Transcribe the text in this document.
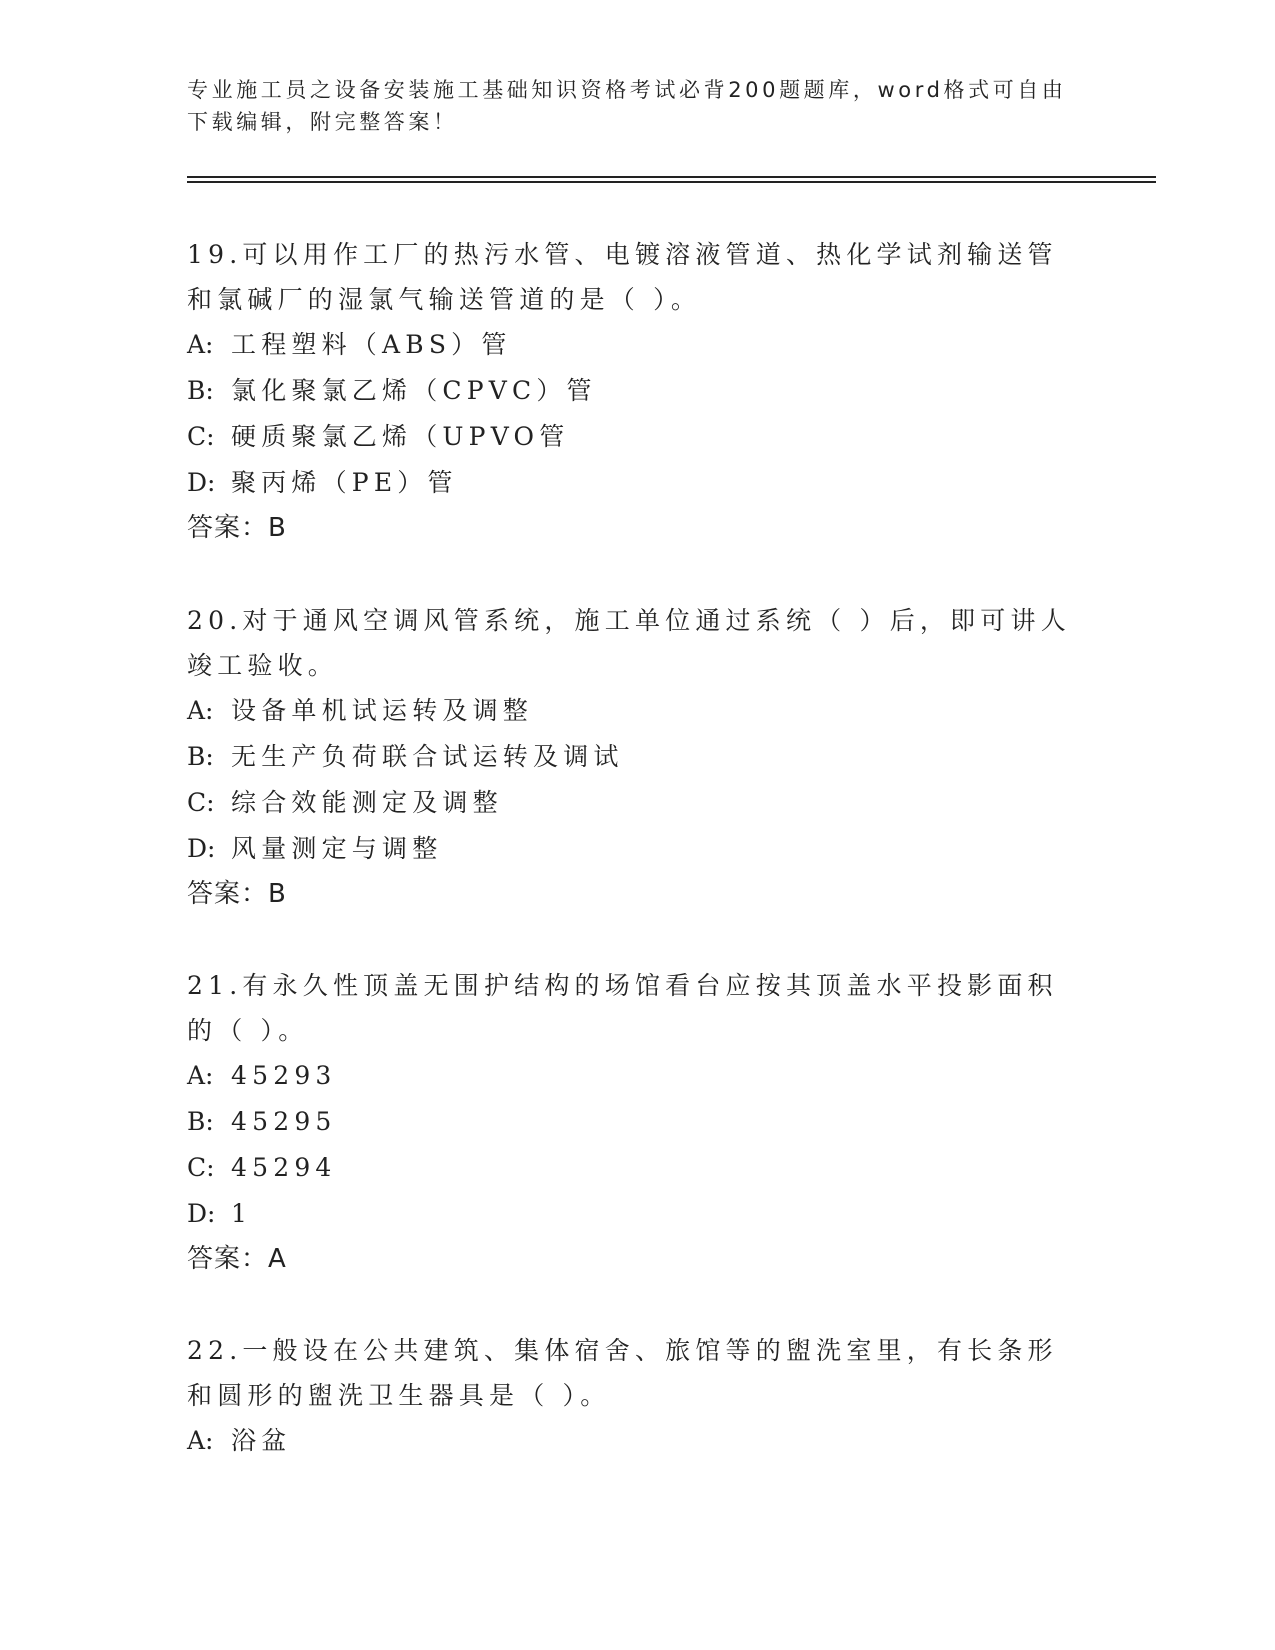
专业施工员之设备安装施工基础知识资格考试必背200题题库，word格式可自由下载编辑，附完整答案！
19.可以用作工厂的热污水管、电镀溶液管道、热化学试剂输送管和氯碱厂的湿氯气输送管道的是（ ）。
A: 工程塑料（ABS）管
B: 氯化聚氯乙烯（CPVC）管
C: 硬质聚氯乙烯（UPVO管
D: 聚丙烯（PE）管
答案：B
20.对于通风空调风管系统，施工单位通过系统（ ）后，即可讲人竣工验收。
A: 设备单机试运转及调整
B: 无生产负荷联合试运转及调试
C: 综合效能测定及调整
D: 风量测定与调整
答案：B
21.有永久性顶盖无围护结构的场馆看台应按其顶盖水平投影面积的（ ）。
A: 45293
B: 45295
C: 45294
D: 1
答案：A
22.一般设在公共建筑、集体宿舍、旅馆等的盥洗室里，有长条形和圆形的盥洗卫生器具是（ ）。
A: 浴盆
